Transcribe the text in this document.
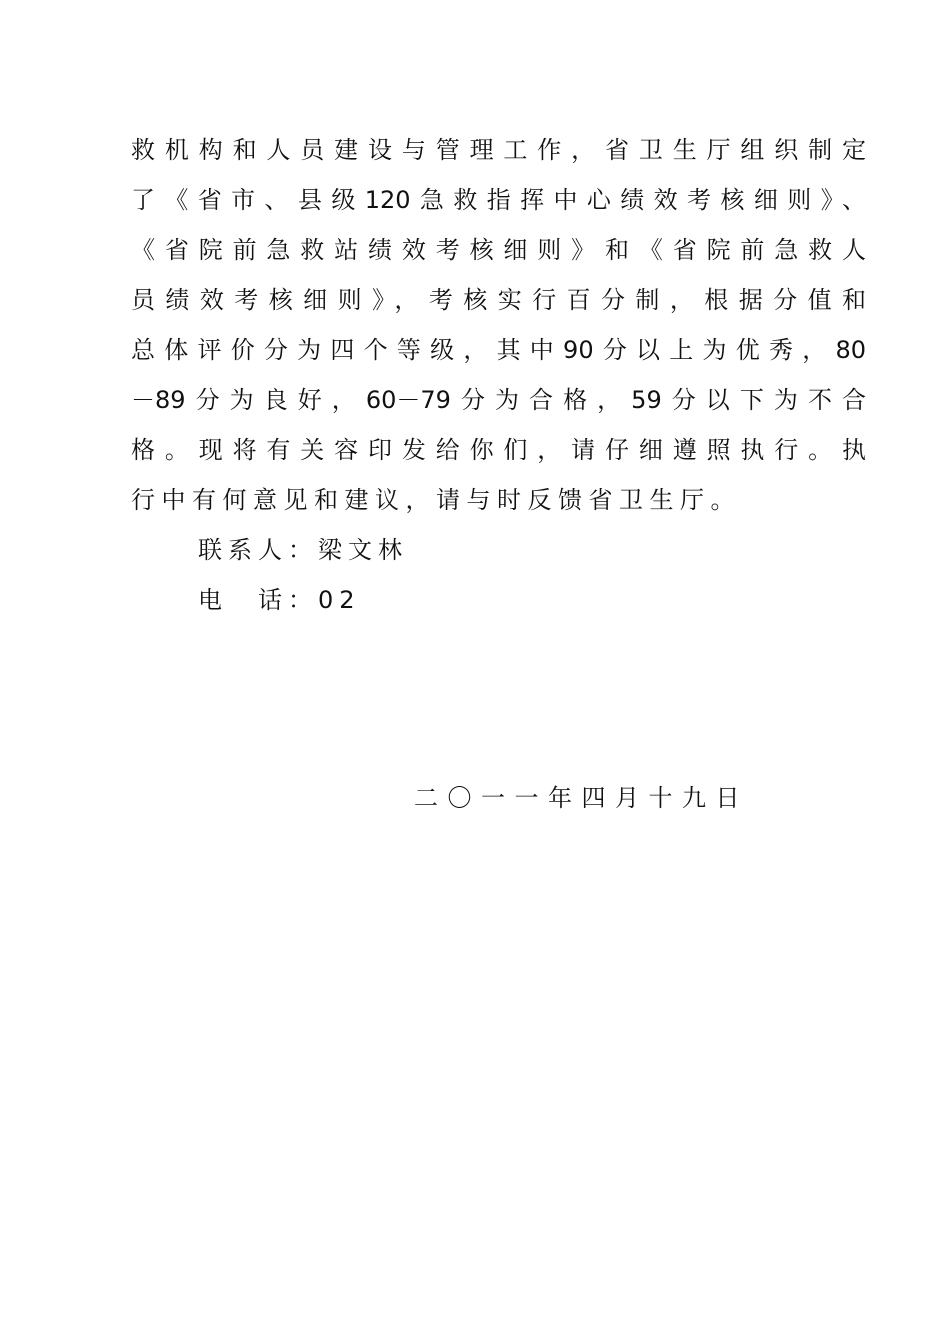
救机构和人员建设与管理工作，省卫生厅组织制定
了《省市、县级120急救指挥中心绩效考核细则》、
《省院前急救站绩效考核细则》和《省院前急救人
员绩效考核细则》，考核实行百分制，根据分值和
总体评价分为四个等级，其中90分以上为优秀，80
－89分为良好，60－79分为合格，59分以下为不合
格。现将有关容印发给你们，请仔细遵照执行。执
行中有何意见和建议，请与时反馈省卫生厅。
联系人：梁文林
电　话：02
二〇一一年四月十九日
